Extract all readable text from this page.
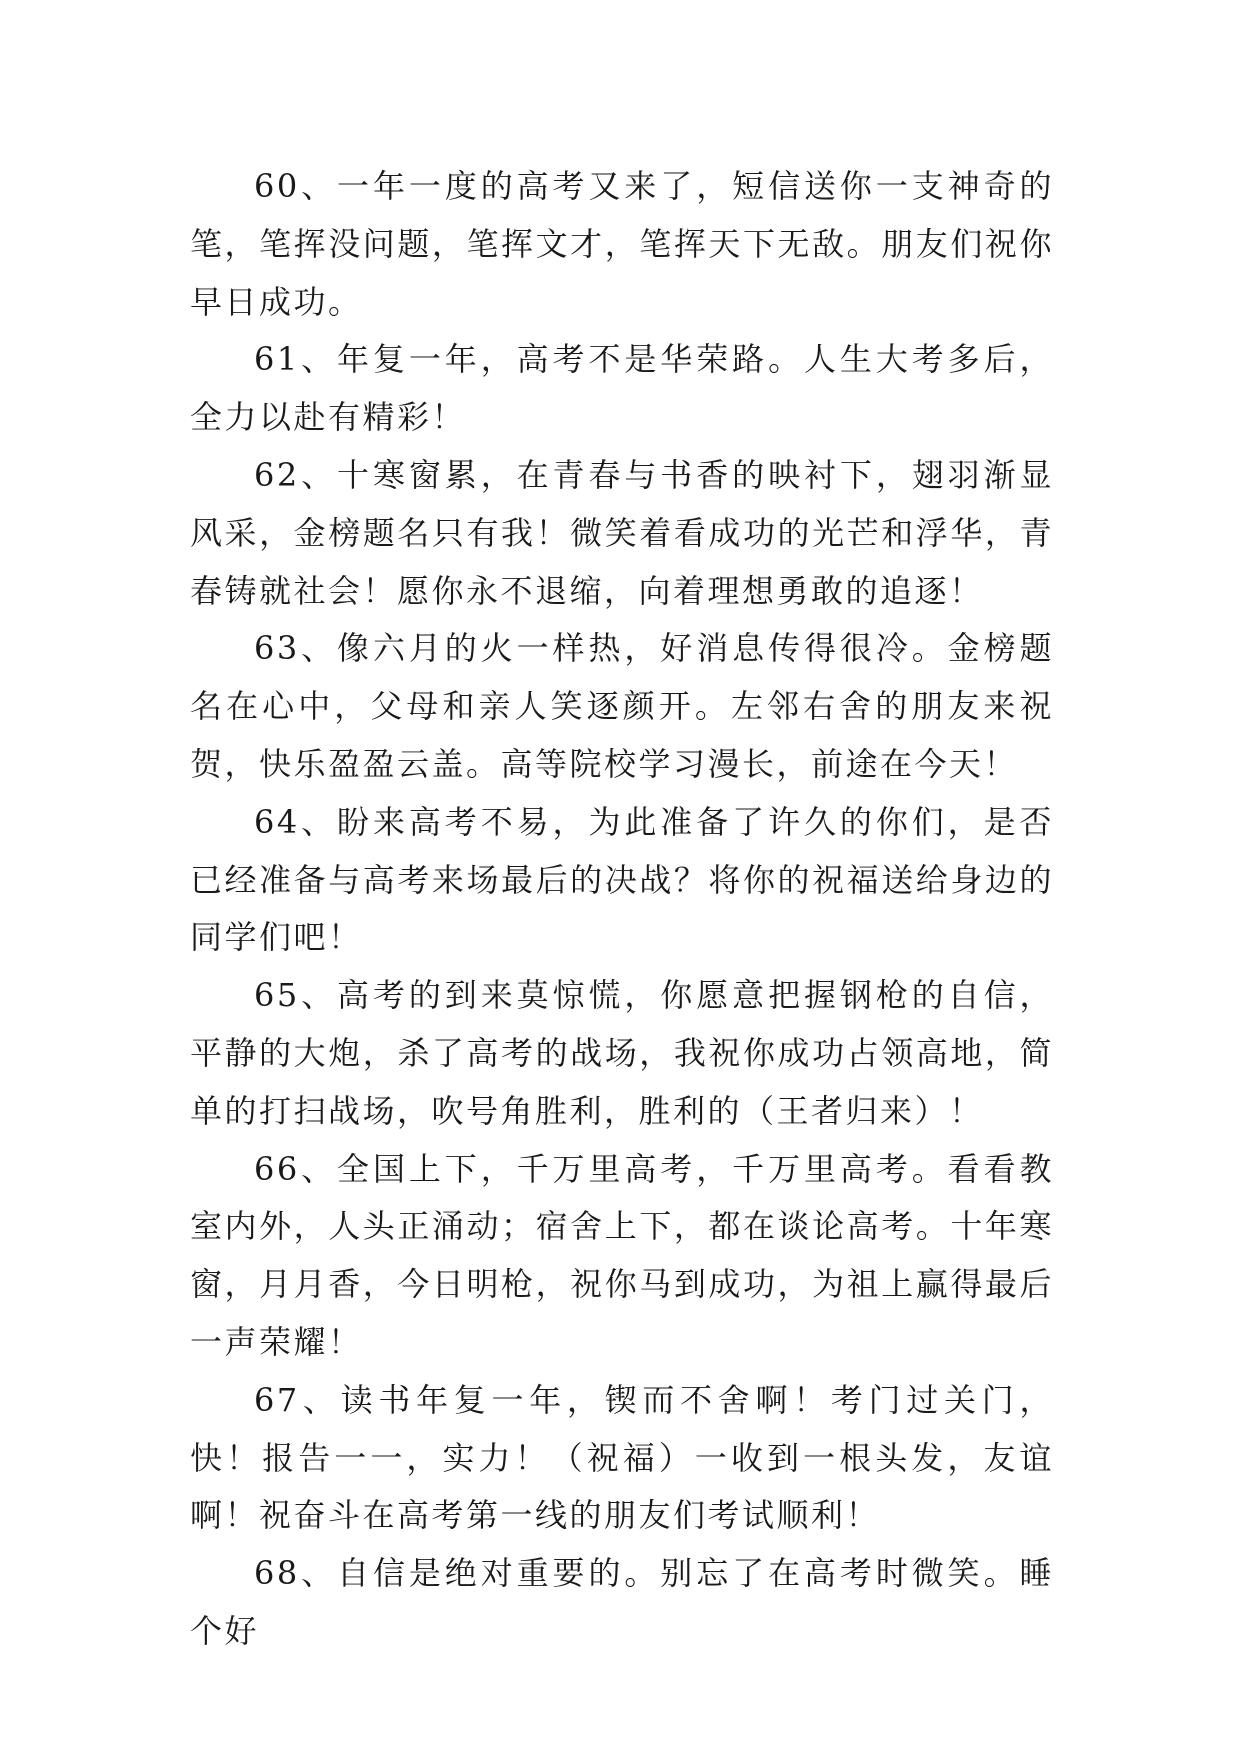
60、一年一度的高考又来了，短信送你一支神奇的笔，笔挥没问题，笔挥文才，笔挥天下无敌。朋友们祝你早日成功。

61、年复一年，高考不是华荣路。人生大考多后，全力以赴有精彩！

62、十寒窗累，在青春与书香的映衬下，翅羽渐显风采，金榜题名只有我！微笑着看成功的光芒和浮华，青春铸就社会！愿你永不退缩，向着理想勇敢的追逐！

63、像六月的火一样热，好消息传得很冷。金榜题名在心中，父母和亲人笑逐颜开。左邻右舍的朋友来祝贺，快乐盈盈云盖。高等院校学习漫长，前途在今天！

64、盼来高考不易，为此准备了许久的你们，是否已经准备与高考来场最后的决战？将你的祝福送给身边的同学们吧！

65、高考的到来莫惊慌，你愿意把握钢枪的自信，平静的大炮，杀了高考的战场，我祝你成功占领高地，简单的打扫战场，吹号角胜利，胜利的（王者归来）！

66、全国上下，千万里高考，千万里高考。看看教室内外，人头正涌动；宿舍上下，都在谈论高考。十年寒窗，月月香，今日明枪，祝你马到成功，为祖上赢得最后一声荣耀！

67、读书年复一年，锲而不舍啊！考门过关门，快！报告一一，实力！（祝福）一收到一根头发，友谊啊！祝奋斗在高考第一线的朋友们考试顺利！

68、自信是绝对重要的。别忘了在高考时微笑。睡个好
